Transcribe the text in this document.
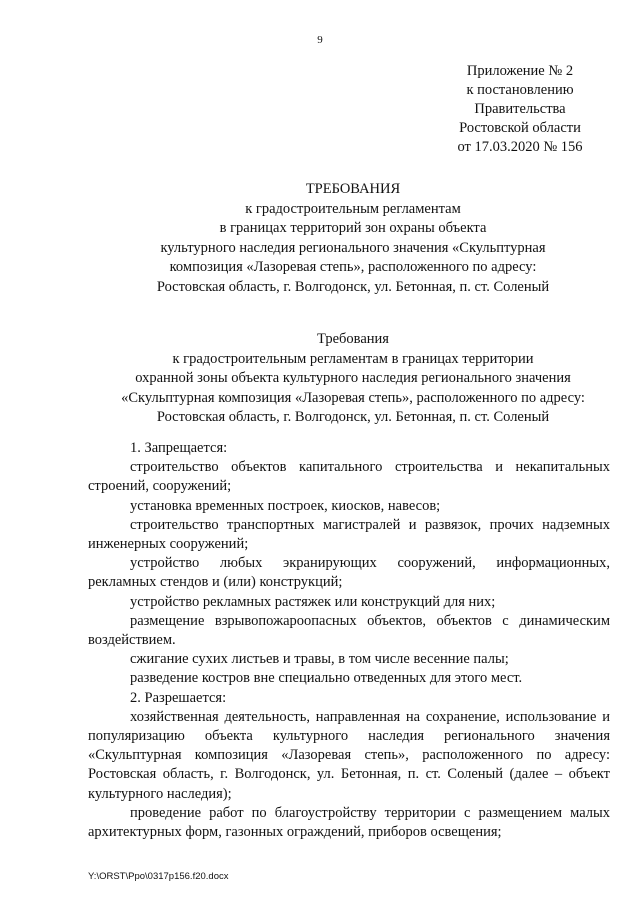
9
Приложение № 2
к постановлению
Правительства
Ростовской области
от 17.03.2020 № 156
ТРЕБОВАНИЯ
к градостроительным регламентам
в границах территорий зон охраны объекта
культурного наследия регионального значения «Скульптурная
композиция «Лазоревая степь», расположенного по адресу:
Ростовская область, г. Волгодонск, ул. Бетонная, п. ст. Соленый
Требования
к градостроительным регламентам в границах территории
охранной зоны объекта культурного наследия регионального значения
«Скульптурная композиция «Лазоревая степь», расположенного по адресу:
Ростовская область, г. Волгодонск, ул. Бетонная, п. ст. Соленый

1. Запрещается:

строительство объектов капитального строительства и некапитальных строений, сооружений;

установка временных построек, киосков, навесов;

строительство транспортных магистралей и развязок, прочих надземных инженерных сооружений;

устройство любых экранирующих сооружений, информационных, рекламных стендов и (или) конструкций;

устройство рекламных растяжек или конструкций для них;

размещение взрывопожароопасных объектов, объектов с динамическим воздействием.

сжигание сухих листьев и травы, в том числе весенние палы;

разведение костров вне специально отведенных для этого мест.

2. Разрешается:

хозяйственная деятельность, направленная на сохранение, использование и популяризацию объекта культурного наследия регионального значения «Скульптурная композиция «Лазоревая степь», расположенного по адресу: Ростовская область, г. Волгодонск, ул. Бетонная, п. ст. Соленый (далее – объект культурного наследия);

проведение работ по благоустройству территории с размещением малых архитектурных форм, газонных ограждений, приборов освещения;

Y:\ORST\Ppo\0317p156.f20.docx
